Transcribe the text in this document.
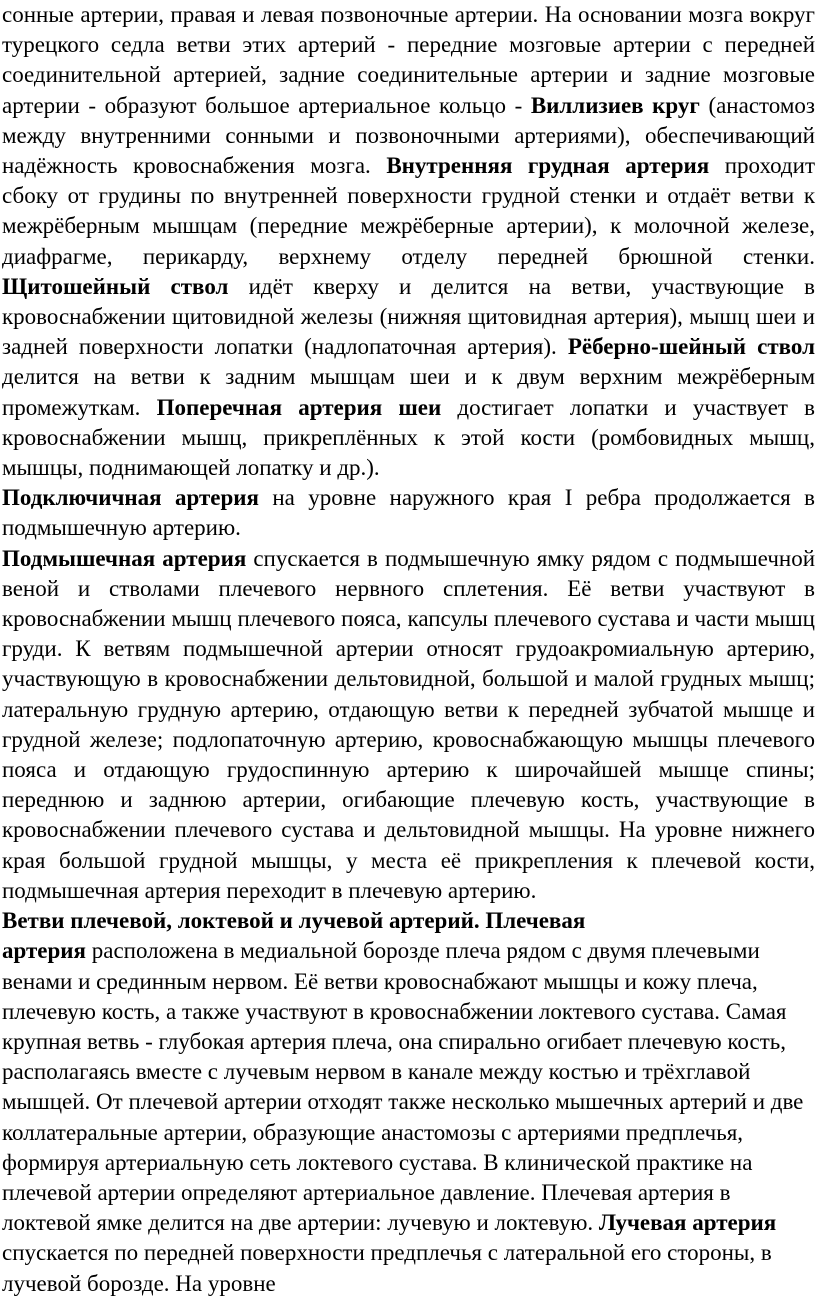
сонные артерии, правая и левая позвоночные артерии. На основании мозга вокруг турецкого седла ветви этих артерий - передние мозговые артерии с передней соединительной артерией, задние соединительные артерии и задние мозговые артерии - образуют большое артериальное кольцо - Виллизиев круг (анастомоз между внутренними сонными и позвоночными артериями), обеспечивающий надёжность кровоснабжения мозга. Внутренняя грудная артерия проходит сбоку от грудины по внутренней поверхности грудной стенки и отдаёт ветви к межрёберным мышцам (передние межрёберные артерии), к молочной железе, диафрагме, перикарду, верхнему отделу передней брюшной стенки. Щитошейный ствол идёт кверху и делится на ветви, участвующие в кровоснабжении щитовидной железы (нижняя щитовидная артерия), мышц шеи и задней поверхности лопатки (надлопаточная артерия). Рёберно-шейный ствол делится на ветви к задним мышцам шеи и к двум верхним межрёберным промежуткам. Поперечная артерия шеи достигает лопатки и участвует в кровоснабжении мышц, прикреплённых к этой кости (ромбовидных мышц, мышцы, поднимающей лопатку и др.).

Подключичная артерия на уровне наружного края I ребра продолжается в подмышечную артерию.

Подмышечная артерия спускается в подмышечную ямку рядом с подмышечной веной и стволами плечевого нервного сплетения. Её ветви участвуют в кровоснабжении мышц плечевого пояса, капсулы плечевого сустава и части мышц груди. К ветвям подмышечной артерии относят грудоакромиальную артерию, участвующую в кровоснабжении дельтовидной, большой и малой грудных мышц; латеральную грудную артерию, отдающую ветви к передней зубчатой мышце и грудной железе; подлопаточную артерию, кровоснабжающую мышцы плечевого пояса и отдающую грудоспинную артерию к широчайшей мышце спины; переднюю и заднюю артерии, огибающие плечевую кость, участвующие в кровоснабжении плечевого сустава и дельтовидной мышцы. На уровне нижнего края большой грудной мышцы, у места её прикрепления к плечевой кости, подмышечная артерия переходит в плечевую артерию.

Ветви плечевой, локтевой и лучевой артерий. Плечевая

артерия расположена в медиальной борозде плеча рядом с двумя плечевыми венами и срединным нервом. Её ветви кровоснабжают мышцы и кожу плеча, плечевую кость, а также участвуют в кровоснабжении локтевого сустава. Самая крупная ветвь - глубокая артерия плеча, она спирально огибает плечевую кость, располагаясь вместе с лучевым нервом в канале между костью и трёхглавой мышцей. От плечевой артерии отходят также несколько мышечных артерий и две коллатеральные артерии, образующие анастомозы с артериями предплечья, формируя артериальную сеть локтевого сустава. В клинической практике на плечевой артерии определяют артериальное давление. Плечевая артерия в локтевой ямке делится на две артерии: лучевую и локтевую. Лучевая артерия спускается по передней поверхности предплечья с латеральной его стороны, в лучевой борозде. На уровне
